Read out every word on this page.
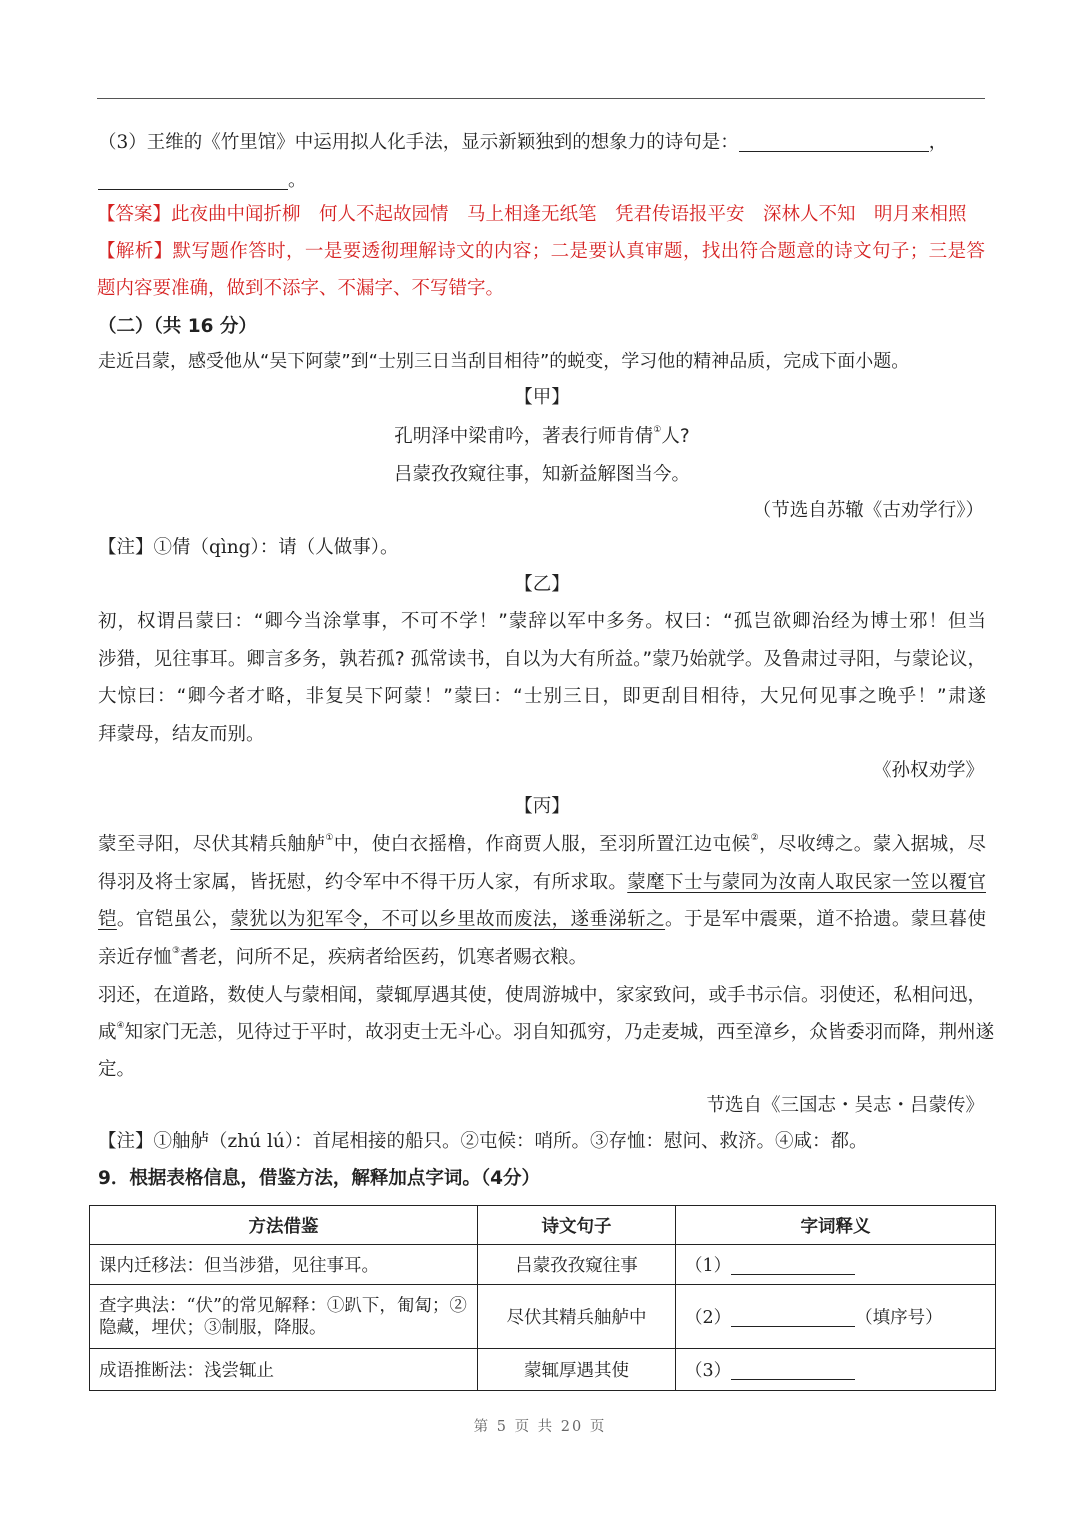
（3）王维的《竹里馆》中运用拟人化手法，显示新颖独到的想象力的诗句是：	，
。
【答案】此夜曲中闻折柳　何人不起故园情　马上相逢无纸笔　凭君传语报平安　深林人不知　明月来相照
【解析】默写题作答时，一是要透彻理解诗文的内容；二是要认真审题，找出符合题意的诗文句子；三是答
题内容要准确，做到不添字、不漏字、不写错字。
（二）（共 16 分）
走近吕蒙，感受他从“吴下阿蒙”到“士别三日当刮目相待”的蜕变，学习他的精神品质，完成下面小题。
【甲】
孔明泽中梁甫吟，著表行师肯倩①人?
吕蒙孜孜窥往事，知新益解图当今。
（节选自苏辙《古劝学行》）
【注】①倩（qìng）：请（人做事）。
【乙】
初，权谓吕蒙曰：“卿今当涂掌事，不可不学！”蒙辞以军中多务。权曰：“孤岂欲卿治经为博士邪！但当
涉猎，见往事耳。卿言多务，孰若孤? 孤常读书，自以为大有所益。”蒙乃始就学。及鲁肃过寻阳，与蒙论议，
大惊曰：“卿今者才略，非复吴下阿蒙！”蒙曰：“士别三日，即更刮目相待，大兄何见事之晚乎！”肃遂
拜蒙母，结友而别。
《孙权劝学》
【丙】
蒙至寻阳，尽伏其精兵舳舻①中，使白衣摇橹，作商贾人服，至羽所置江边屯候②，尽收缚之。蒙入据城，尽
得羽及将士家属，皆抚慰，约令军中不得干历人家，有所求取。蒙麾下士与蒙同为汝南人取民家一笠以覆官
铠。官铠虽公，蒙犹以为犯军令，不可以乡里故而废法，遂垂涕斩之。于是军中震栗，道不拾遗。蒙旦暮使
亲近存恤③耆老，问所不足，疾病者给医药，饥寒者赐衣粮。
羽还，在道路，数使人与蒙相闻，蒙辄厚遇其使，使周游城中，家家致问，或手书示信。羽使还，私相问迅，
咸④知家门无恙，见待过于平时，故羽吏士无斗心。羽自知孤穷，乃走麦城，西至漳乡，众皆委羽而降，荆州遂
定。
节选自《三国志・吴志・吕蒙传》
【注】①舳舻（zhú lú）：首尾相接的船只。②屯候：哨所。③存恤：慰问、救济。④咸：都。
9．根据表格信息，借鉴方法，解释加点字词。（4分）
方法借鉴	诗文句子	字词释义
课内迁移法：但当涉猎，见往事耳。	吕蒙孜孜窥往事	（1）
查字典法：“伏”的常见解释：①趴下，匍匐；②隐藏，埋伏；③制服，降服。	尽伏其精兵舳舻中	（2） （填序号）
成语推断法：浅尝辄止	蒙辄厚遇其使	（3）
第 5 页 共 20 页
